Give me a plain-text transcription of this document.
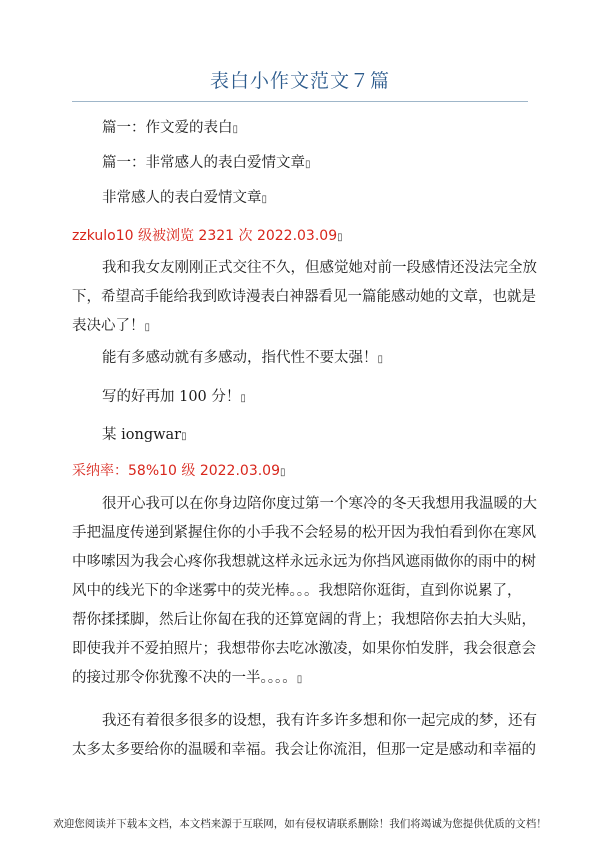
表白小作文范文７篇
篇一：作文爱的表白▯
篇一：非常感人的表白爱情文章▯
非常感人的表白爱情文章▯
zzkulo10 级被浏览 2321 次 2022.03.09▯

我和我女友刚刚正式交往不久，但感觉她对前一段感情还没法完全放

下，希望高手能给我到欧诗漫表白神器看见一篇能感动她的文章，也就是

表决心了！▯

能有多感动就有多感动，指代性不要太强！▯
写的好再加 100 分！▯
某 iongwar▯
采纳率：58%10 级 2022.03.09▯

很开心我可以在你身边陪你度过第一个寒冷的冬天我想用我温暖的大

手把温度传递到紧握住你的小手我不会轻易的松开因为我怕看到你在寒风

中哆嗦因为我会心疼你我想就这样永远永远为你挡风遮雨做你的雨中的树

风中的线光下的伞迷雾中的荧光棒。。。我想陪你逛街，直到你说累了，

帮你揉揉脚，然后让你匐在我的还算宽阔的背上；我想陪你去拍大头贴，

即使我并不爱拍照片；我想带你去吃冰激凌，如果你怕发胖，我会很意会

的接过那令你犹豫不决的一半。。。。▯

我还有着很多很多的设想，我有许多许多想和你一起完成的梦，还有

太多太多要给你的温暖和幸福。我会让你流泪，但那一定是感动和幸福的

欢迎您阅读并下载本文档，本文档来源于互联网，如有侵权请联系删除！我们将竭诚为您提供优质的文档！
